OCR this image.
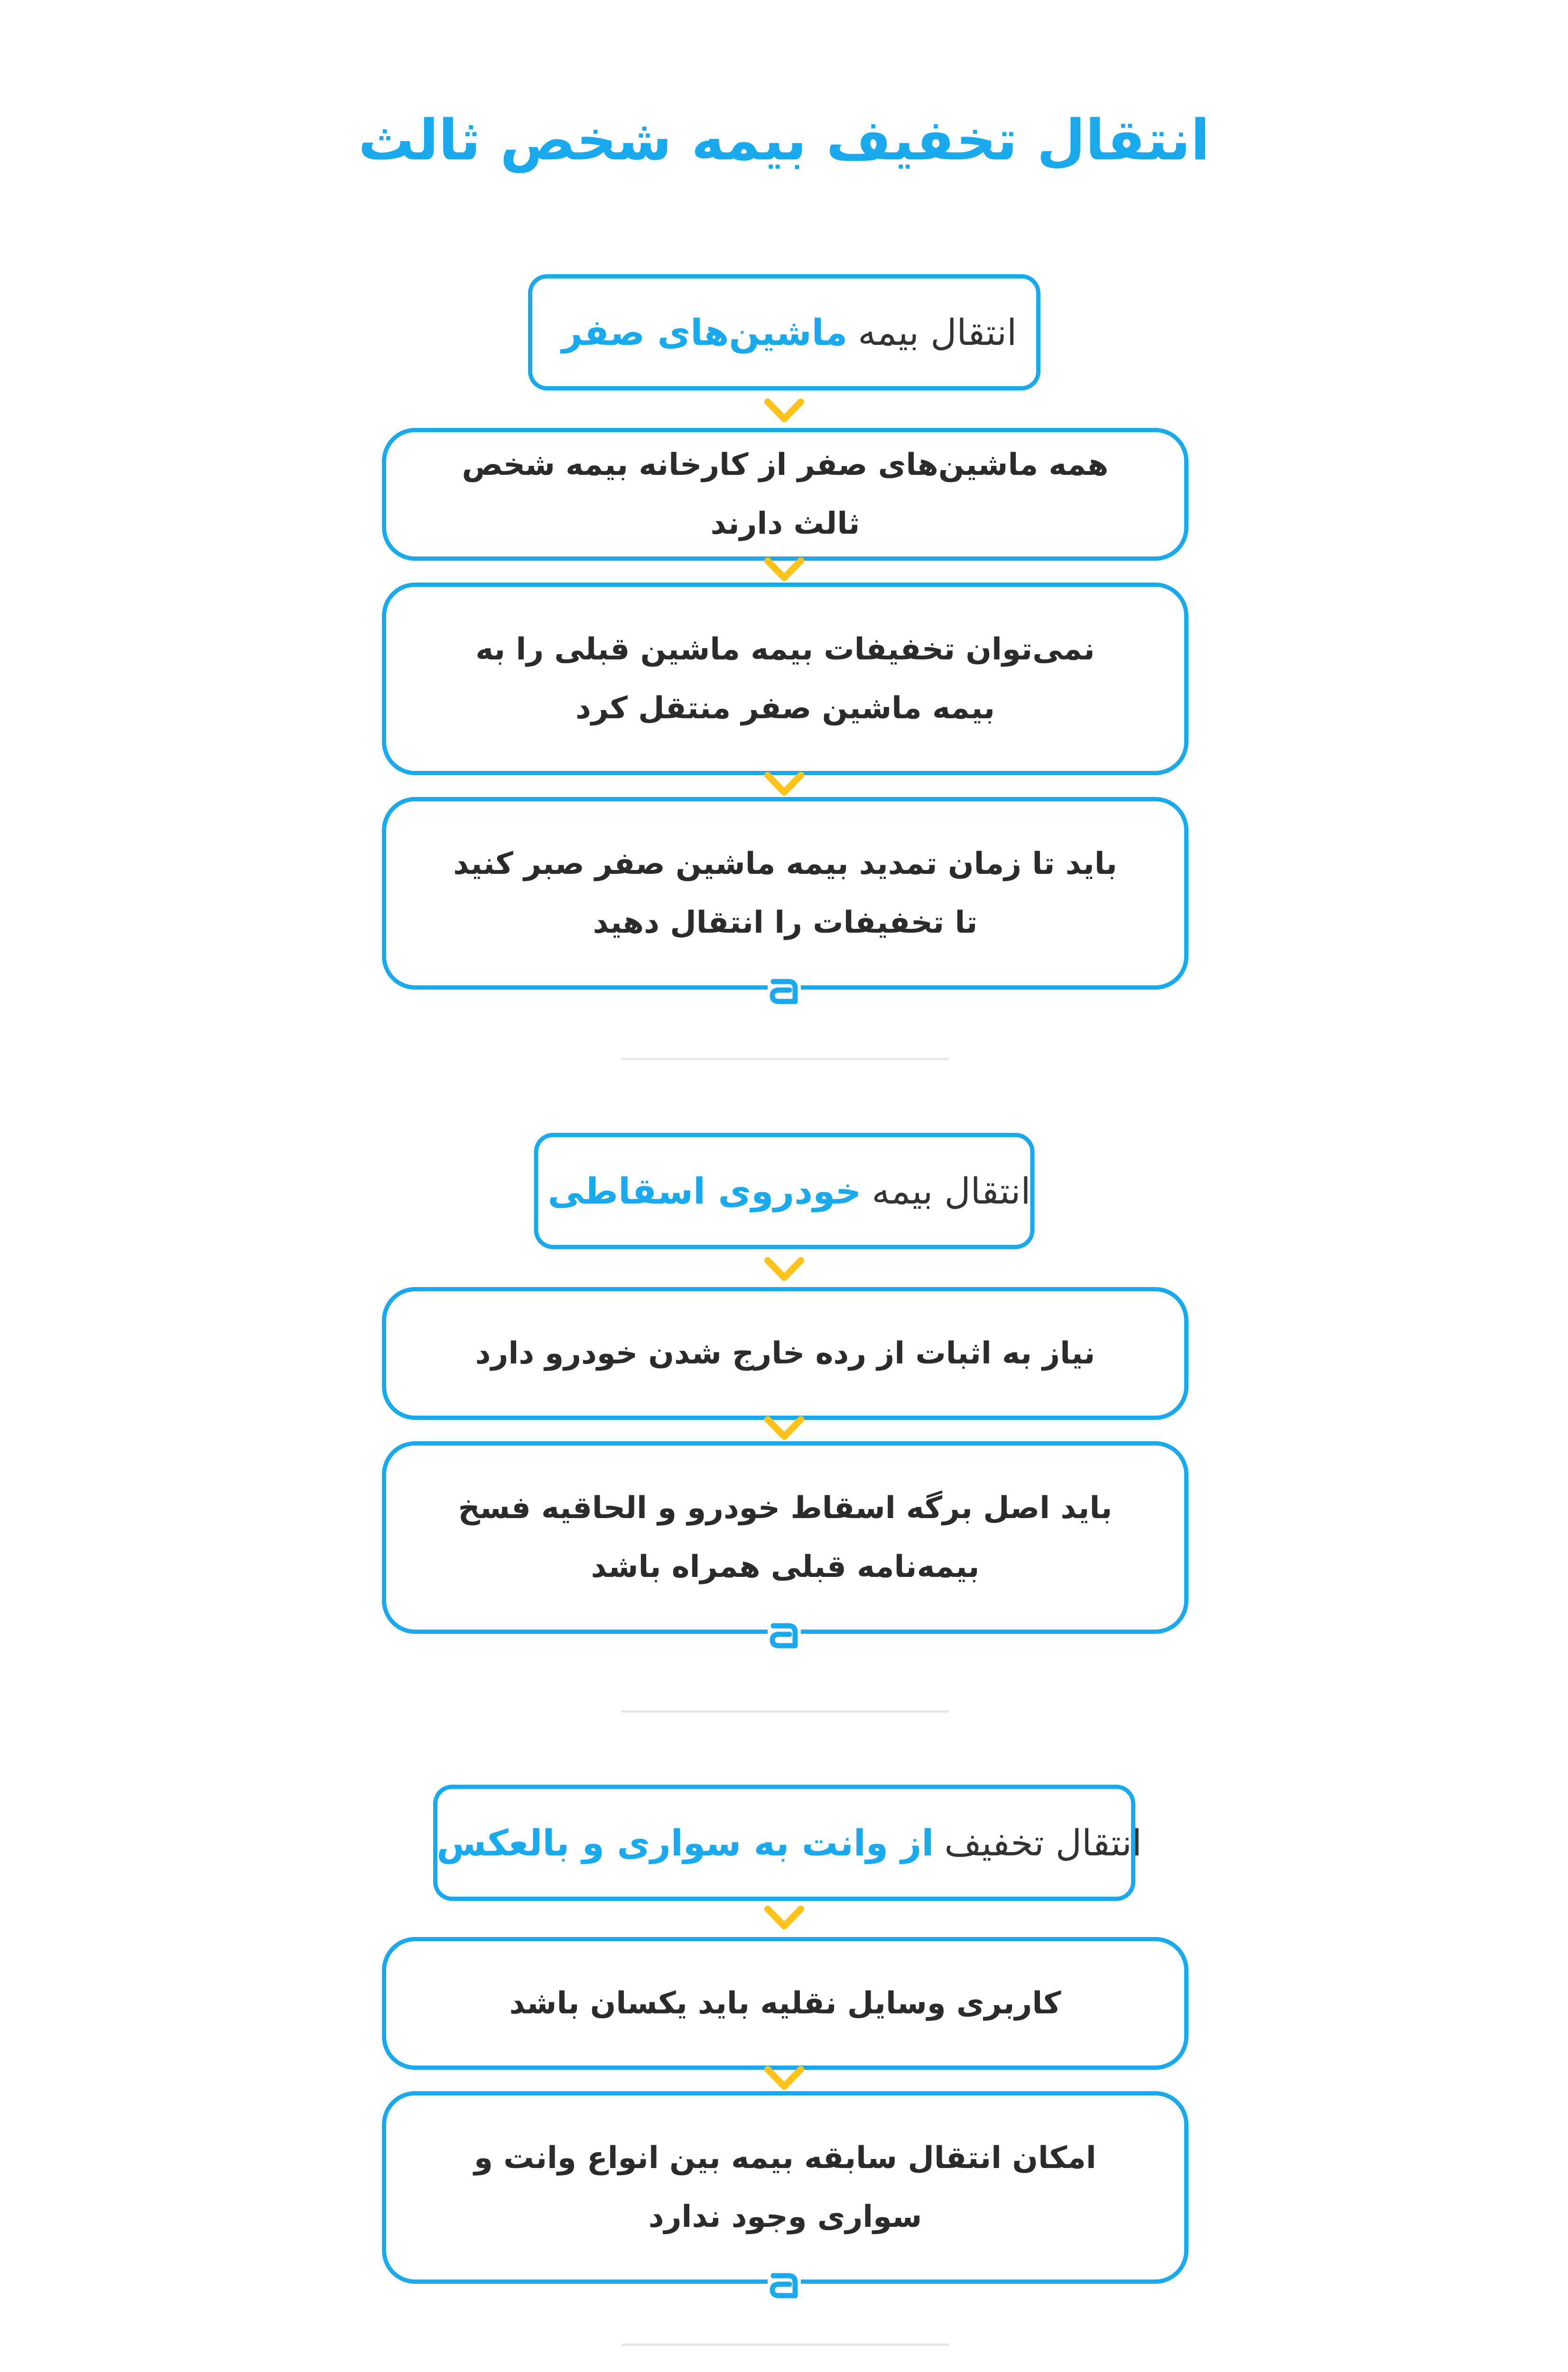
انتقال تخفیف بیمه شخص ثالث
انتقال بیمه
ماشین‌های صفر
همه ماشین‌های صفر از کارخانه بیمه شخص ثالث دارند
نمی‌توان تخفیفات بیمه ماشین قبلی را به بیمه ماشین صفر منتقل کرد
باید تا زمان تمدید بیمه ماشین صفر صبر کنید تا تخفیفات را انتقال دهید
انتقال بیمه
خودروی اسقاطی
نیاز به اثبات از رده خارج شدن خودرو دارد
باید اصل برگه اسقاط خودرو و الحاقیه فسخ بیمه‌نامه قبلی همراه باشد
انتقال تخفیف
از وانت به سواری و بالعکس
کاربری وسایل نقلیه باید یکسان باشد
امکان انتقال سابقه بیمه بین انواع وانت و سواری وجود ندارد
